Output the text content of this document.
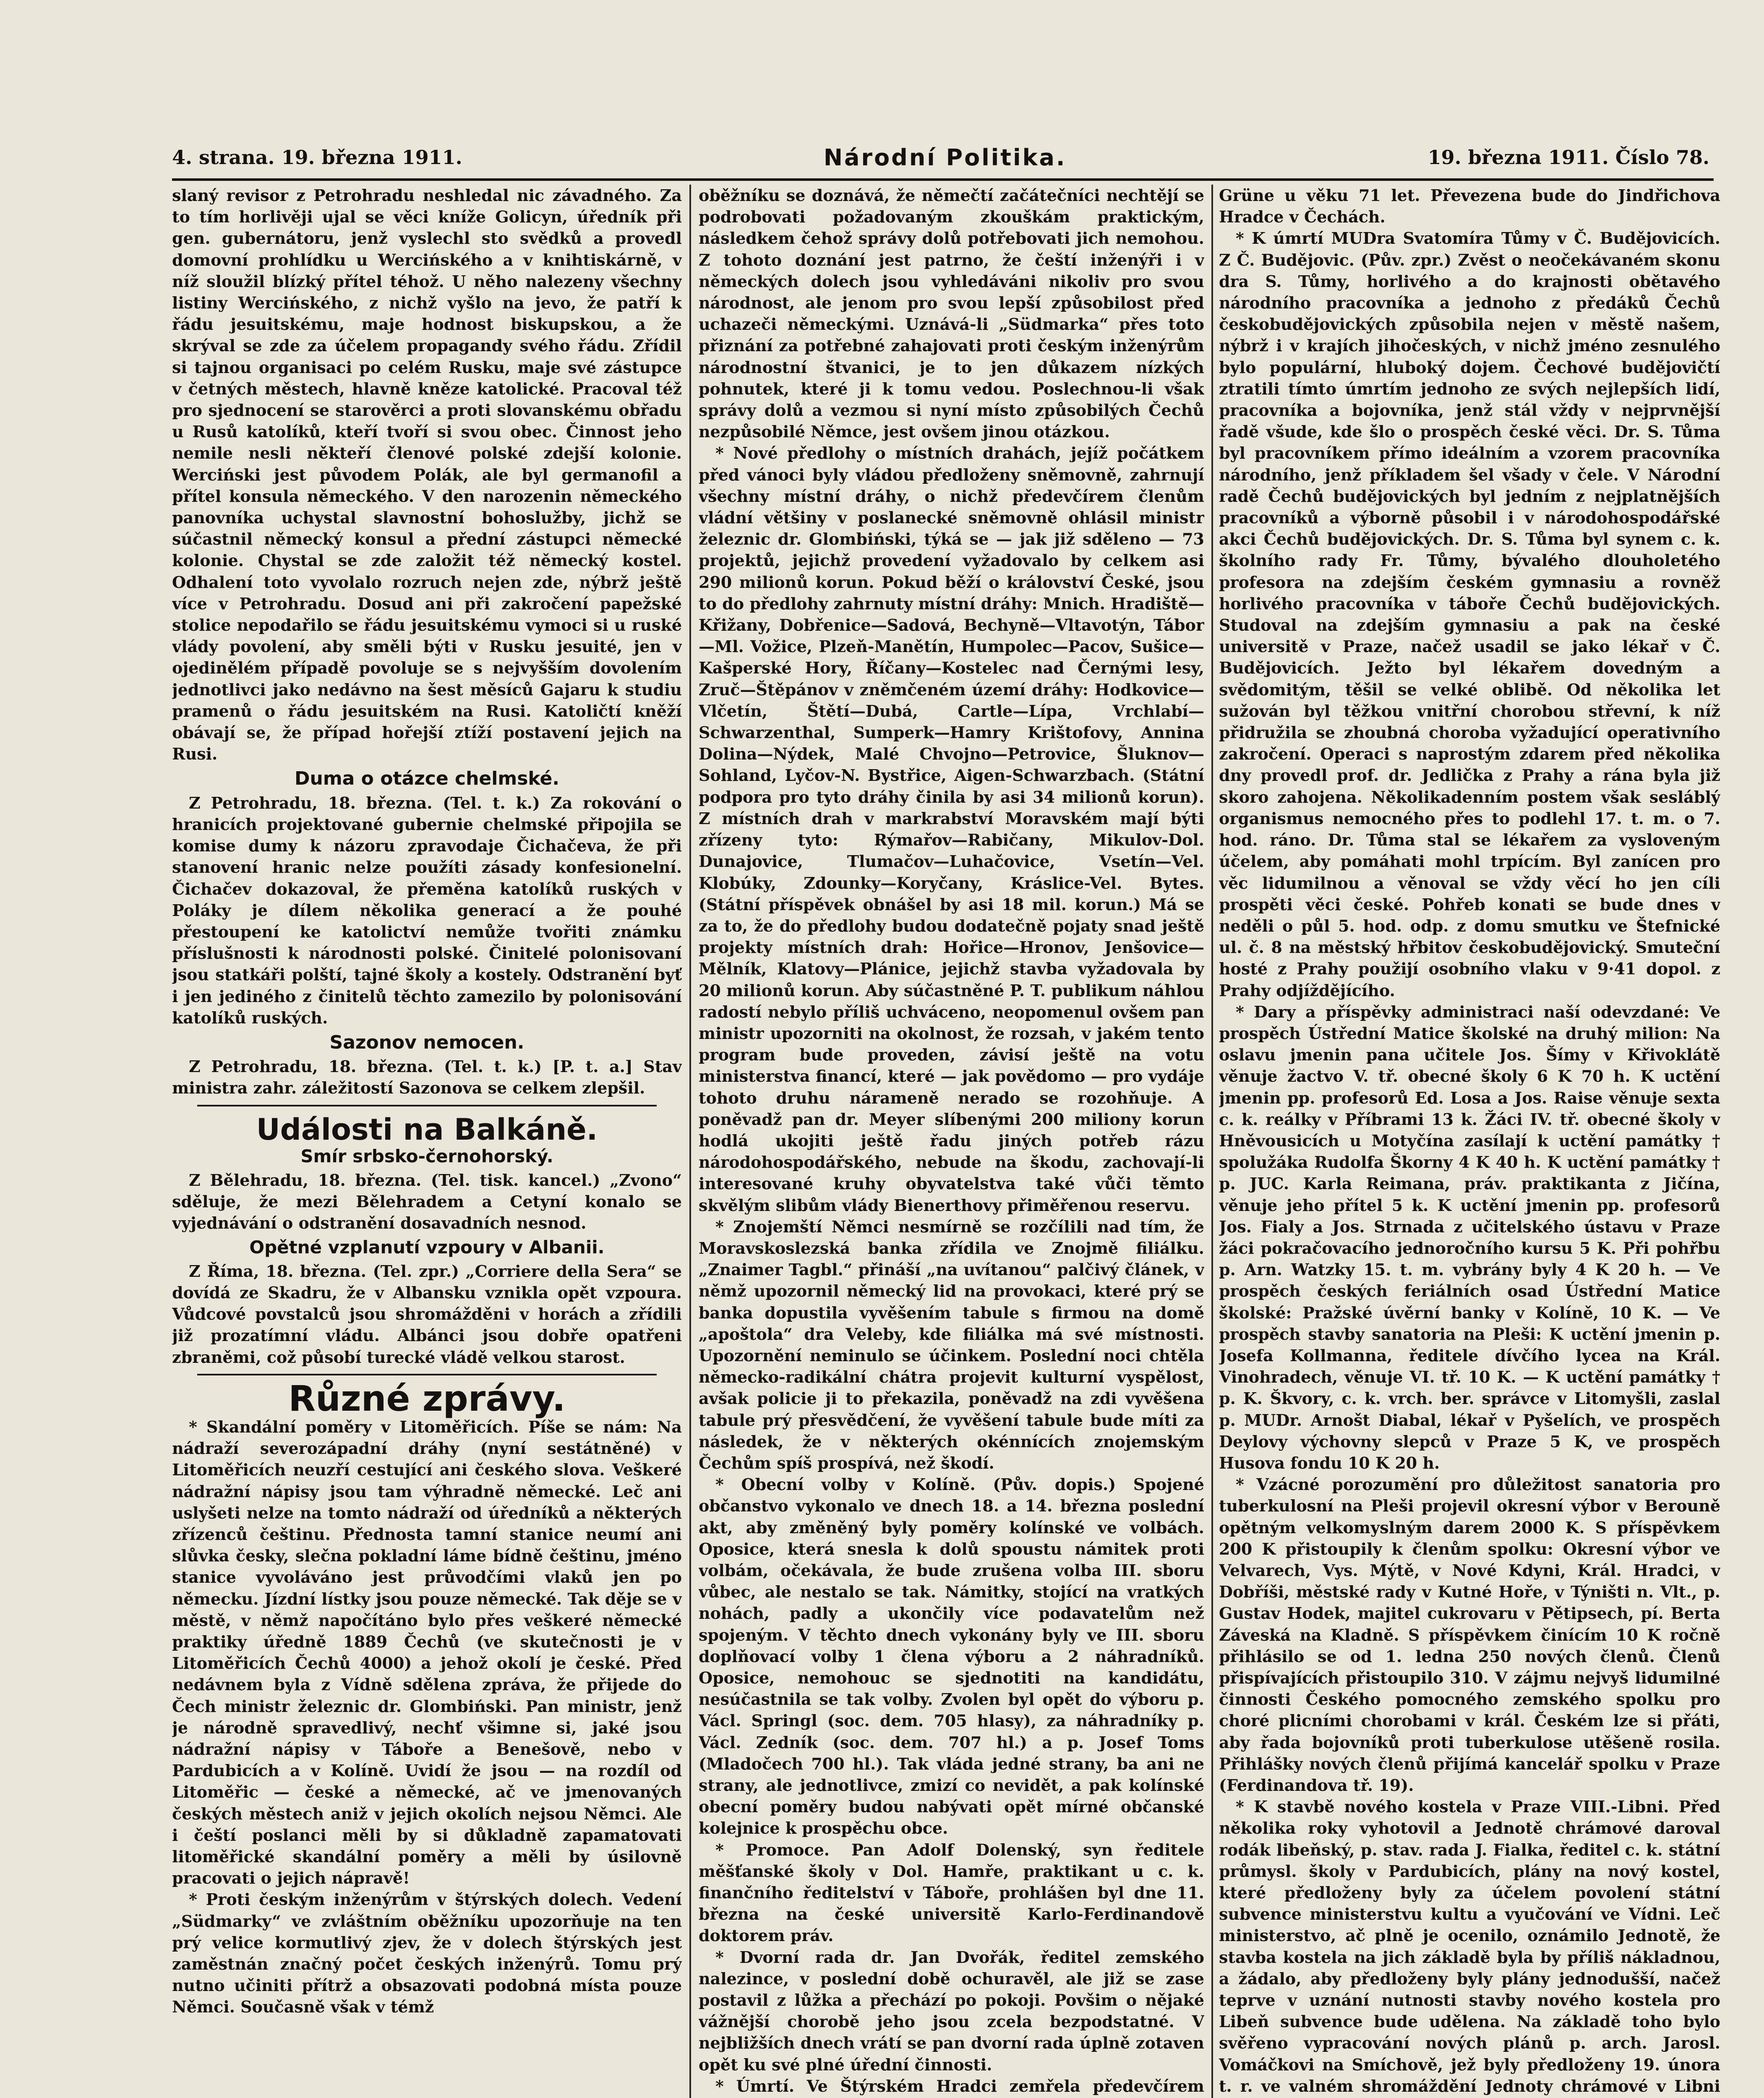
4. strana. 19. března 1911.	Národní Politika.	19. března 1911. Číslo 78.

slaný revisor z Petrohradu neshledal nic závadného. Za to tím horlivěji ujal se věci kníže Golicyn, úředník při gen. gubernátoru, jenž vyslechl sto svědků a provedl domovní prohlídku u Wercińského a v knihtiskárně, v níž sloužil blízký přítel téhož. U něho nalezeny všechny listiny Wercińského, z nichž vyšlo na jevo, že patří k řádu jesuitskému, maje hodnost biskupskou, a že skrýval se zde za účelem propagandy svého řádu. Zřídil si tajnou organisaci po celém Rusku, maje své zástupce v četných městech, hlavně kněze katolické. Pracoval též pro sjednocení se starověrci a proti slovanskému obřadu u Rusů katolíků, kteří tvoří si svou obec. Činnost jeho nemile nesli někteří členové polské zdejší kolonie. Werciński jest původem Polák, ale byl germanofil a přítel konsula německého. V den narozenin německého panovníka uchystal slavnostní bohoslužby, jichž se súčastnil německý konsul a přední zástupci německé kolonie. Chystal se zde založit též německý kostel. Odhalení toto vyvolalo rozruch nejen zde, nýbrž ještě více v Petrohradu. Dosud ani při zakročení papežské stolice nepodařilo se řádu jesuitskému vymoci si u ruské vlády povolení, aby směli býti v Rusku jesuité, jen v ojedinělém případě povoluje se s nejvyšším dovolením jednotlivci jako nedávno na šest měsíců Gajaru k studiu pramenů o řádu jesuitském na Rusi. Katoličtí kněží obávají se, že případ hořejší ztíží postavení jejich na Rusi.

Duma o otázce chelmské.

Z Petrohradu, 18. března. (Tel. t. k.) Za rokování o hranicích projektované gubernie chelmské připojila se komise dumy k názoru zpravodaje Čichačeva, že při stanovení hranic nelze použíti zásady konfesionelní. Čichačev dokazoval, že přeměna katolíků ruských v Poláky je dílem několika generací a že pouhé přestoupení ke katolictví nemůže tvořiti známku příslušnosti k národnosti polské. Činitelé polonisovaní jsou statkáři polští, tajné školy a kostely. Odstranění byť i jen jediného z činitelů těchto zamezilo by polonisování katolíků ruských.

Sazonov nemocen.

Z Petrohradu, 18. března. (Tel. t. k.) [P. t. a.] Stav ministra zahr. záležitostí Sazonova se celkem zlepšil.

Události na Balkáně.
Smír srbsko-černohorský.

Z Bělehradu, 18. března. (Tel. tisk. kancel.) „Zvono“ sděluje, že mezi Bělehradem a Cetyní konalo se vyjednávání o odstranění dosavadních nesnod.

Opětné vzplanutí vzpoury v Albanii.

Z Říma, 18. března. (Tel. zpr.) „Corriere della Sera“ se dovídá ze Skadru, že v Albansku vznikla opět vzpoura. Vůdcové povstalců jsou shromážděni v horách a zřídili již prozatímní vládu. Albánci jsou dobře opatřeni zbraněmi, což působí turecké vládě velkou starost.

Různé zprávy.

* Skandální poměry v Litoměřicích. Píše se nám: Na nádraží severozápadní dráhy (nyní sestátněné) v Litoměřicích neuzří cestující ani českého slova. Veškeré nádražní nápisy jsou tam výhradně německé. Leč ani uslyšeti nelze na tomto nádraží od úředníků a některých zřízenců češtinu. Přednosta tamní stanice neumí ani slůvka česky, slečna pokladní láme bídně češtinu, jméno stanice vyvoláváno jest průvodčími vlaků jen po německu. Jízdní lístky jsou pouze německé. Tak děje se v městě, v němž napočítáno bylo přes veškeré německé praktiky úředně 1889 Čechů (ve skutečnosti je v Litoměřicích Čechů 4000) a jehož okolí je české. Před nedávnem byla z Vídně sdělena zpráva, že přijede do Čech ministr železnic dr. Glombiński. Pan ministr, jenž je národně spravedlivý, nechť všimne si, jaké jsou nádražní nápisy v Táboře a Benešově, nebo v Pardubicích a v Kolíně. Uvidí že jsou — na rozdíl od Litoměřic — české a německé, ač ve jmenovaných českých městech aniž v jejich okolích nejsou Němci. Ale i čeští poslanci měli by si důkladně zapamatovati litoměřické skandální poměry a měli by úsilovně pracovati o jejich nápravě!

* Proti českým inženýrům v štýrských dolech. Vedení „Südmarky“ ve zvláštním oběžníku upozorňuje na ten prý velice kormutlivý zjev, že v dolech štýrských jest zaměstnán značný počet českých inženýrů. Tomu prý nutno učiniti přítrž a obsazovati podobná místa pouze Němci. Současně však v témž

oběžníku se doznává, že němečtí začátečníci nechtějí se podrobovati požadovaným zkouškám praktickým, následkem čehož správy dolů potřebovati jich nemohou. Z tohoto doznání jest patrno, že čeští inženýři i v německých dolech jsou vyhledáváni nikoliv pro svou národnost, ale jenom pro svou lepší způsobilost před uchazeči německými. Uznává-li „Südmarka“ přes toto přiznání za potřebné zahajovati proti českým inženýrům národnostní štvanici, je to jen důkazem nízkých pohnutek, které ji k tomu vedou. Poslechnou-li však správy dolů a vezmou si nyní místo způsobilých Čechů nezpůsobilé Němce, jest ovšem jinou otázkou.

* Nové předlohy o místních drahách, jejíž počátkem před vánoci byly vládou předloženy sněmovně, zahrnují všechny místní dráhy, o nichž předevčírem členům vládní většiny v poslanecké sněmovně ohlásil ministr železnic dr. Glombiński, týká se — jak již sděleno — 73 projektů, jejichž provedení vyžadovalo by celkem asi 290 milionů korun. Pokud běží o království České, jsou to do předlohy zahrnuty místní dráhy: Mnich. Hradiště—Křižany, Dobřenice—Sadová, Bechyně—Vltavotýn, Tábor—Ml. Vožice, Plzeň-Manětín, Humpolec—Pacov, Sušice—Kašperské Hory, Říčany—Kostelec nad Černými lesy, Zruč—Štěpánov v zněmčeném území dráhy: Hodkovice—Vlčetín, Štětí—Dubá, Cartle—Lípa, Vrchlabí—Schwarzenthal, Sumperk—Hamry Krištofovy, Annina Dolina—Nýdek, Malé Chvojno—Petrovice, Šluknov—Sohland, Lyčov-N. Bystřice, Aigen-Schwarzbach. (Státní podpora pro tyto dráhy činila by asi 34 milionů korun). Z místních drah v markrabství Moravském mají býti zřízeny tyto: Rýmařov—Rabičany, Mikulov-Dol. Dunajovice, Tlumačov—Luhačovice, Vsetín—Vel. Klobúky, Zdounky—Koryčany, Kráslice-Vel. Bytes. (Státní příspěvek obnášel by asi 18 mil. korun.) Má se za to, že do předlohy budou dodatečně pojaty snad ještě projekty místních drah: Hořice—Hronov, Jenšovice—Mělník, Klatovy—Plánice, jejichž stavba vyžadovala by 20 milionů korun. Aby súčastněné P. T. publikum náhlou radostí nebylo příliš uchváceno, neopomenul ovšem pan ministr upozorniti na okolnost, že rozsah, v jakém tento program bude proveden, závisí ještě na votu ministerstva financí, které — jak povědomo — pro vydáje tohoto druhu nárameně nerado se rozohňuje. A poněvadž pan dr. Meyer slíbenými 200 miliony korun hodlá ukojiti ještě řadu jiných potřeb rázu národohospodářského, nebude na škodu, zachovají-li interesované kruhy obyvatelstva také vůči těmto skvělým slibům vlády Bienerthovy přiměřenou reservu.

* Znojemští Němci nesmírně se rozčílili nad tím, že Moravskoslezská banka zřídila ve Znojmě filiálku. „Znaimer Tagbl.“ přináší „na uvítanou“ palčivý článek, v němž upozornil německý lid na provokaci, které prý se banka dopustila vyvěšením tabule s firmou na domě „apoštola“ dra Veleby, kde filiálka má své místnosti. Upozornění neminulo se účinkem. Poslední noci chtěla německo-radikální chátra projevit kulturní vyspělost, avšak policie ji to překazila, poněvadž na zdi vyvěšena tabule prý přesvědčení, že vyvěšení tabule bude míti za následek, že v některých okénnících znojemským Čechům spíš prospívá, než škodí.

* Obecní volby v Kolíně. (Pův. dopis.) Spojené občanstvo vykonalo ve dnech 18. a 14. března poslední akt, aby změněný byly poměry kolínské ve volbách. Oposice, která snesla k dolů spoustu námitek proti volbám, očekávala, že bude zrušena volba III. sboru vůbec, ale nestalo se tak. Námitky, stojící na vratkých nohách, padly a ukončily více podavatelům než spojeným. V těchto dnech vykonány byly ve III. sboru doplňovací volby 1 člena výboru a 2 náhradníků. Oposice, nemohouc se sjednotiti na kandidátu, nesúčastnila se tak volby. Zvolen byl opět do výboru p. Václ. Springl (soc. dem. 705 hlasy), za náhradníky p. Václ. Zedník (soc. dem. 707 hl.) a p. Josef Toms (Mladočech 700 hl.). Tak vláda jedné strany, ba ani ne strany, ale jednotlivce, zmizí co nevidět, a pak kolínské obecní poměry budou nabývati opět mírné občanské kolejnice k prospěchu obce.

* Promoce. Pan Adolf Dolenský, syn ředitele měšťanské školy v Dol. Hamře, praktikant u c. k. finančního ředitelství v Táboře, prohlášen byl dne 11. března na české universitě Karlo-Ferdinandově doktorem práv.

* Dvorní rada dr. Jan Dvořák, ředitel zemského nalezince, v poslední době ochuravěl, ale již se zase postavil z lůžka a přechází po pokoji. Povšim o nějaké vážnější chorobě jeho jsou zcela bezpodstatné. V nejbližších dnech vrátí se pan dvorní rada úplně zotaven opět ku své plné úřední činnosti.

* Úmrtí. Ve Štýrském Hradci zemřela předevčírem

Grüne u věku 71 let. Převezena bude do Jindřichova Hradce v Čechách.

* K úmrtí MUDra Svatomíra Tůmy v Č. Budějovicích. Z Č. Budějovic. (Pův. zpr.) Zvěst o neočekávaném skonu dra S. Tůmy, horlivého a do krajnosti obětavého národního pracovníka a jednoho z předáků Čechů českobudějovických způsobila nejen v městě našem, nýbrž i v krajích jihočeských, v nichž jméno zesnulého bylo populární, hluboký dojem. Čechové budějovičtí ztratili tímto úmrtím jednoho ze svých nejlepších lidí, pracovníka a bojovníka, jenž stál vždy v nejprvnější řadě všude, kde šlo o prospěch české věci. Dr. S. Tůma byl pracovníkem přímo ideálním a vzorem pracovníka národního, jenž příkladem šel všady v čele. V Národní radě Čechů budějovických byl jedním z nejplatnějších pracovníků a výborně působil i v národohospodářské akci Čechů budějovických. Dr. S. Tůma byl synem c. k. školního rady Fr. Tůmy, bývalého dlouholetého profesora na zdejším českém gymnasiu a rovněž horlivého pracovníka v táboře Čechů budějovických. Studoval na zdejším gymnasiu a pak na české universitě v Praze, načež usadil se jako lékař v Č. Budějovicích. Ježto byl lékařem dovedným a svědomitým, těšil se velké oblibě. Od několika let sužován byl těžkou vnitřní chorobou střevní, k níž přidružila se zhoubná choroba vyžadující operativního zakročení. Operaci s naprostým zdarem před několika dny provedl prof. dr. Jedlička z Prahy a rána byla již skoro zahojena. Několikadenním postem však sesláblý organismus nemocného přes to podlehl 17. t. m. o 7. hod. ráno. Dr. Tůma stal se lékařem za vysloveným účelem, aby pomáhati mohl trpícím. Byl zanícen pro věc lidumilnou a věnoval se vždy věcí ho jen cíli prospěti věci české. Pohřeb konati se bude dnes v neděli o půl 5. hod. odp. z domu smutku ve Štefnické ul. č. 8 na městský hřbitov českobudějovický. Smuteční hosté z Prahy použijí osobního vlaku v 9·41 dopol. z Prahy odjíždějícího.

* Dary a příspěvky administraci naší odevzdané: Ve prospěch Ústřední Matice školské na druhý milion: Na oslavu jmenin pana učitele Jos. Šímy v Křivoklátě věnuje žactvo V. tř. obecné školy 6 K 70 h. K uctění jmenin pp. profesorů Ed. Losa a Jos. Raise věnuje sexta c. k. reálky v Příbrami 13 k. Žáci IV. tř. obecné školy v Hněvousicích u Motyčína zasílají k uctění památky † spolužáka Rudolfa Škorny 4 K 40 h. K uctění památky † p. JUC. Karla Reimana, práv. praktikanta z Jičína, věnuje jeho přítel 5 k. K uctění jmenin pp. profesorů Jos. Fialy a Jos. Strnada z učitelského ústavu v Praze žáci pokračovacího jednoročního kursu 5 K. Při pohřbu p. Arn. Watzky 15. t. m. vybrány byly 4 K 20 h. — Ve prospěch českých feriálních osad Ústřední Matice školské: Pražské úvěrní banky v Kolíně, 10 K. — Ve prospěch stavby sanatoria na Pleši: K uctění jmenin p. Josefa Kollmanna, ředitele dívčího lycea na Král. Vinohradech, věnuje VI. tř. 10 K. — K uctění památky † p. K. Škvory, c. k. vrch. ber. správce v Litomyšli, zaslal p. MUDr. Arnošt Diabal, lékař v Pyšelích, ve prospěch Deylovy výchovny slepců v Praze 5 K, ve prospěch Husova fondu 10 K 20 h.

* Vzácné porozumění pro důležitost sanatoria pro tuberkulosní na Pleši projevil okresní výbor v Berouně opětným velkomyslným darem 2000 K. S příspěvkem 200 K přistoupily k členům spolku: Okresní výbor ve Velvarech, Vys. Mýtě, v Nové Kdyni, Král. Hradci, v Dobříši, městské rady v Kutné Hoře, v Týništi n. Vlt., p. Gustav Hodek, majitel cukrovaru v Pětipsech, pí. Berta Záveská na Kladně. S příspěvkem činícím 10 K ročně přihlásilo se od 1. ledna 250 nových členů. Členů přispívajících přistoupilo 310. V zájmu nejvyš lidumilné činnosti Českého pomocného zemského spolku pro choré plicními chorobami v král. Českém lze si přáti, aby řada bojovníků proti tuberkulose utěšeně rosila. Přihlášky nových členů přijímá kancelář spolku v Praze (Ferdinandova tř. 19).

* K stavbě nového kostela v Praze VIII.-Libni. Před několika roky vyhotovil a Jednotě chrámové daroval rodák libeňský, p. stav. rada J. Fialka, ředitel c. k. státní průmysl. školy v Pardubicích, plány na nový kostel, které předloženy byly za účelem povolení státní subvence ministerstvu kultu a vyučování ve Vídni. Leč ministerstvo, ač plně je ocenilo, oznámilo Jednotě, že stavba kostela na jich základě byla by příliš nákladnou, a žádalo, aby předloženy byly plány jednodušší, načež teprve v uznání nutnosti stavby nového kostela pro Libeň subvence bude udělena. Na základě toho bylo svěřeno vypracování nových plánů p. arch. Jarosl. Vomáčkovi na Smíchově, jež byly předloženy 19. února t. r. ve valném shromáždění Jednoty chrámové v Libni
